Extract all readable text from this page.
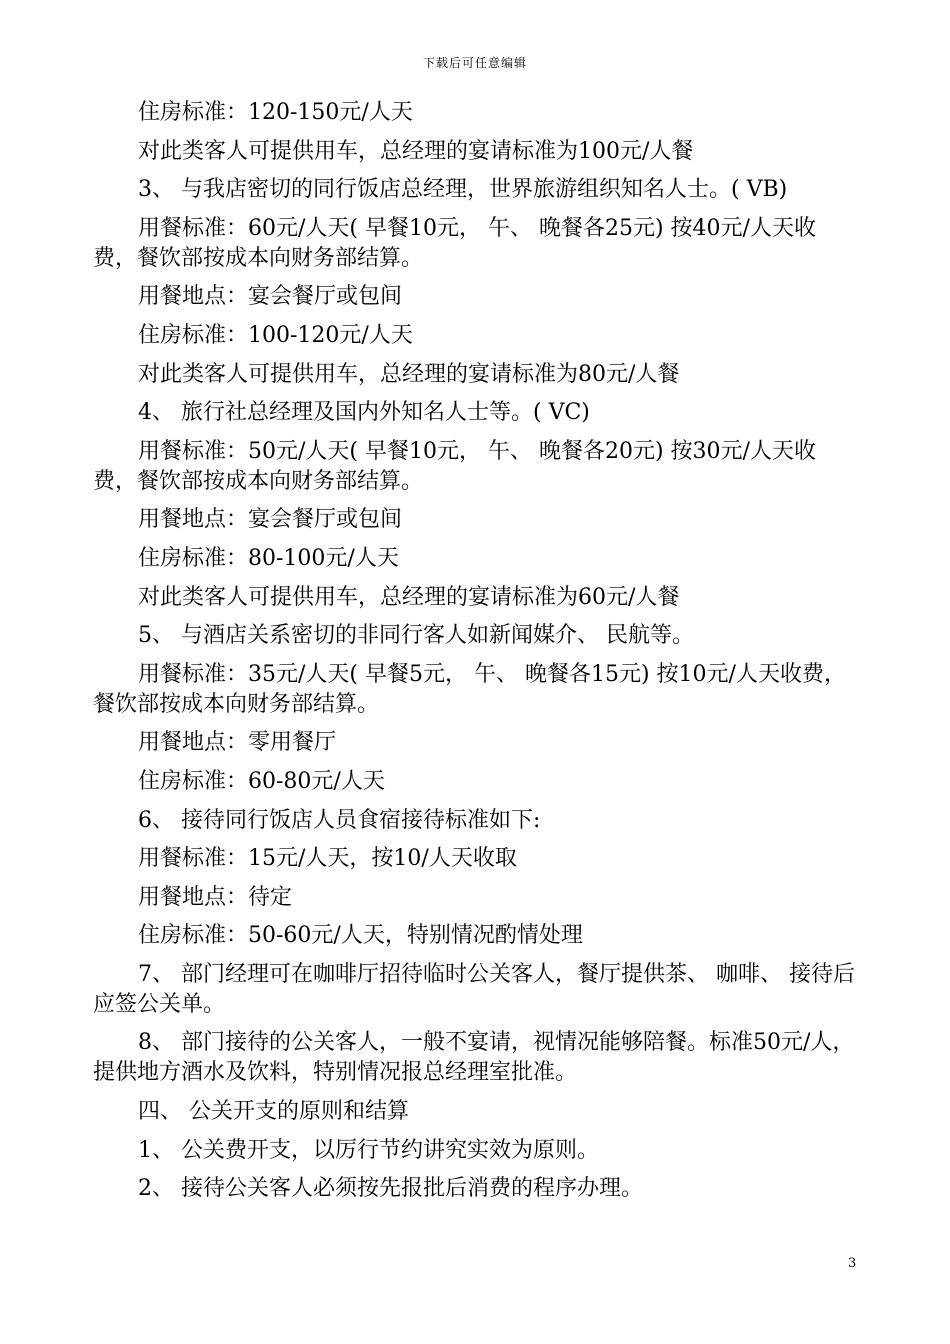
下载后可任意编辑

住房标准：120-150元/人天

对此类客人可提供用车，总经理的宴请标准为100元/人餐

3、 与我店密切的同行饭店总经理，世界旅游组织知名人士。( VB)

用餐标准：60元/人天( 早餐10元， 午、 晚餐各25元) 按40元/人天收费，餐饮部按成本向财务部结算。

用餐地点：宴会餐厅或包间

住房标准：100-120元/人天

对此类客人可提供用车，总经理的宴请标准为80元/人餐

4、 旅行社总经理及国内外知名人士等。( VC)

用餐标准：50元/人天( 早餐10元， 午、 晚餐各20元) 按30元/人天收费，餐饮部按成本向财务部结算。

用餐地点：宴会餐厅或包间

住房标准：80-100元/人天

对此类客人可提供用车，总经理的宴请标准为60元/人餐

5、 与酒店关系密切的非同行客人如新闻媒介、 民航等。

用餐标准：35元/人天( 早餐5元， 午、 晚餐各15元) 按10元/人天收费，餐饮部按成本向财务部结算。

用餐地点：零用餐厅

住房标准：60-80元/人天

6、 接待同行饭店人员食宿接待标准如下:

用餐标准：15元/人天，按10/人天收取

用餐地点：待定

住房标准：50-60元/人天，特别情况酌情处理

7、 部门经理可在咖啡厅招待临时公关客人，餐厅提供茶、 咖啡、 接待后应签公关单。

8、 部门接待的公关客人，一般不宴请，视情况能够陪餐。标准50元/人，提供地方酒水及饮料，特别情况报总经理室批准。

四、 公关开支的原则和结算

1、 公关费开支，以厉行节约讲究实效为原则。

2、 接待公关客人必须按先报批后消费的程序办理。

3
